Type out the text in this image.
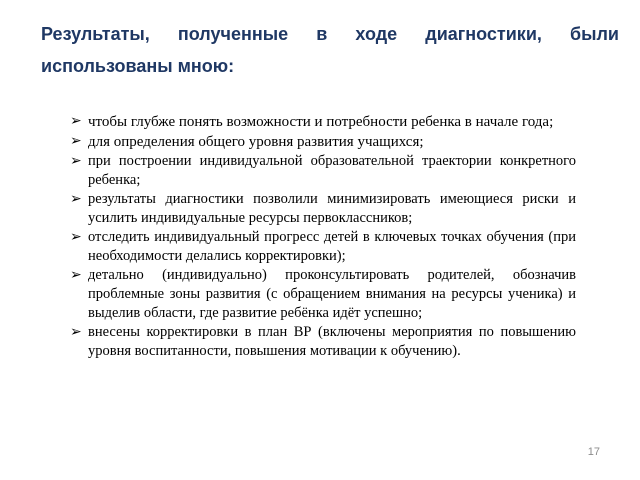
Результаты, полученные в ходе диагностики, были использованы мною:
➢ чтобы глубже понять возможности и потребности ребенка в начале года;
➢ для определения общего уровня развития учащихся;
➢ при построении индивидуальной образовательной траектории конкретного ребенка;
➢ результаты диагностики позволили минимизировать имеющиеся риски и усилить индивидуальные ресурсы первоклассников;
➢ отследить индивидуальный прогресс детей в ключевых точках обучения (при необходимости делались корректировки);
➢ детально (индивидуально) проконсультировать родителей, обозначив проблемные зоны развития (с обращением внимания на ресурсы ученика) и выделив области, где развитие ребёнка идёт успешно;
➢ внесены корректировки в план ВР (включены мероприятия по повышению уровня воспитанности, повышения мотивации к обучению).
17
